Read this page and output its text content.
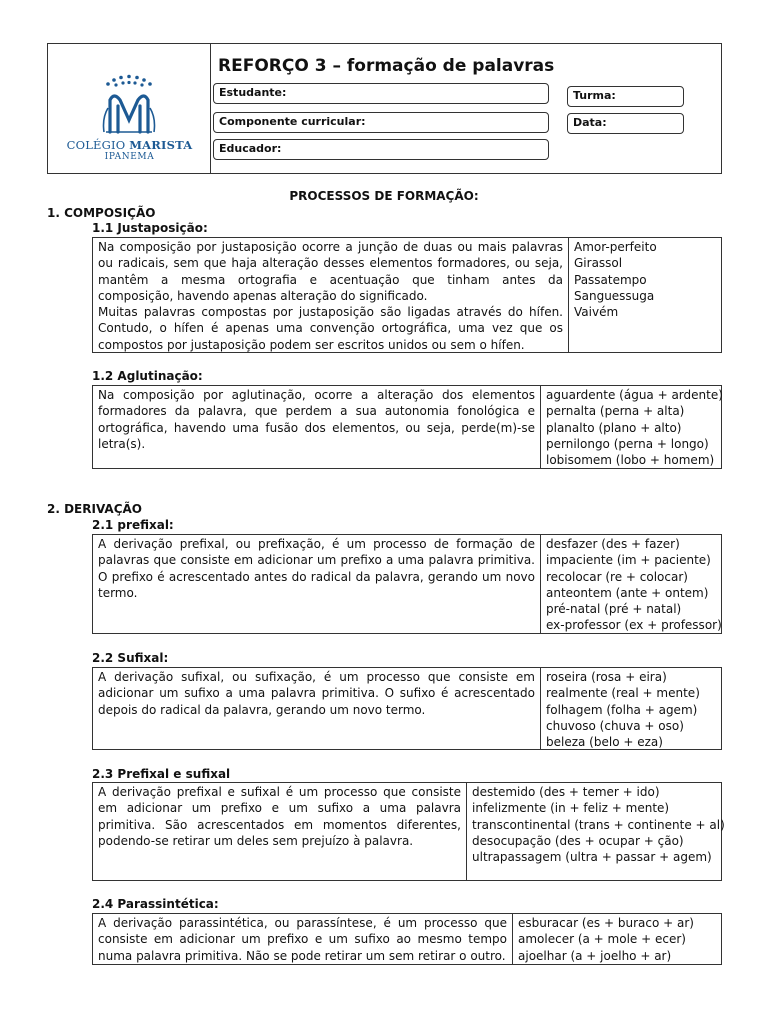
COLÉGIO MARISTA
IPANEMA
REFORÇO 3 – formação de palavras
Estudante:	Turma:
Componente curricular:	Data:
Educador:
PROCESSOS DE FORMAÇÃO:
1. COMPOSIÇÃO
1.1 Justaposição:

Na composição por justaposição ocorre a junção de duas ou mais palavras ou radicais, sem que haja alteração desses elementos formadores, ou seja, mantêm a mesma ortografia e acentuação que tinham antes da composição, havendo apenas alteração do significado.

Muitas palavras compostas por justaposição são ligadas através do hífen. Contudo, o hífen é apenas uma convenção ortográfica, uma vez que os compostos por justaposição podem ser escritos unidos ou sem o hífen.

Amor-perfeito
Girassol
Passatempo
Sanguessuga
Vaivém
1.2 Aglutinação:

Na composição por aglutinação, ocorre a alteração dos elementos formadores da palavra, que perdem a sua autonomia fonológica e ortográfica, havendo uma fusão dos elementos, ou seja, perde(m)-se letra(s).

aguardente (água + ardente)
pernalta (perna + alta)
planalto (plano + alto)
pernilongo (perna + longo)
lobisomem (lobo + homem)
2. DERIVAÇÃO
2.1 prefixal:

A derivação prefixal, ou prefixação, é um processo de formação de palavras que consiste em adicionar um prefixo a uma palavra primitiva. O prefixo é acrescentado antes do radical da palavra, gerando um novo termo.

desfazer (des + fazer)
impaciente (im + paciente)
recolocar (re + colocar)
anteontem (ante + ontem)
pré-natal (pré + natal)
ex-professor (ex + professor)
2.2 Sufixal:

A derivação sufixal, ou sufixação, é um processo que consiste em adicionar um sufixo a uma palavra primitiva. O sufixo é acrescentado depois do radical da palavra, gerando um novo termo.

roseira (rosa + eira)
realmente (real + mente)
folhagem (folha + agem)
chuvoso (chuva + oso)
beleza (belo + eza)
2.3 Prefixal e sufixal

A derivação prefixal e sufixal é um processo que consiste em adicionar um prefixo e um sufixo a uma palavra primitiva. São acrescentados em momentos diferentes, podendo-se retirar um deles sem prejuízo à palavra.

destemido (des + temer + ido)
infelizmente (in + feliz + mente)
transcontinental (trans + continente + al)
desocupação (des + ocupar + ção)
ultrapassagem (ultra + passar + agem)
2.4 Parassintética:

A derivação parassintética, ou parassíntese, é um processo que consiste em adicionar um prefixo e um sufixo ao mesmo tempo numa palavra primitiva. Não se pode retirar um sem retirar o outro.

esburacar (es + buraco + ar)
amolecer (a + mole + ecer)
ajoelhar (a + joelho + ar)
